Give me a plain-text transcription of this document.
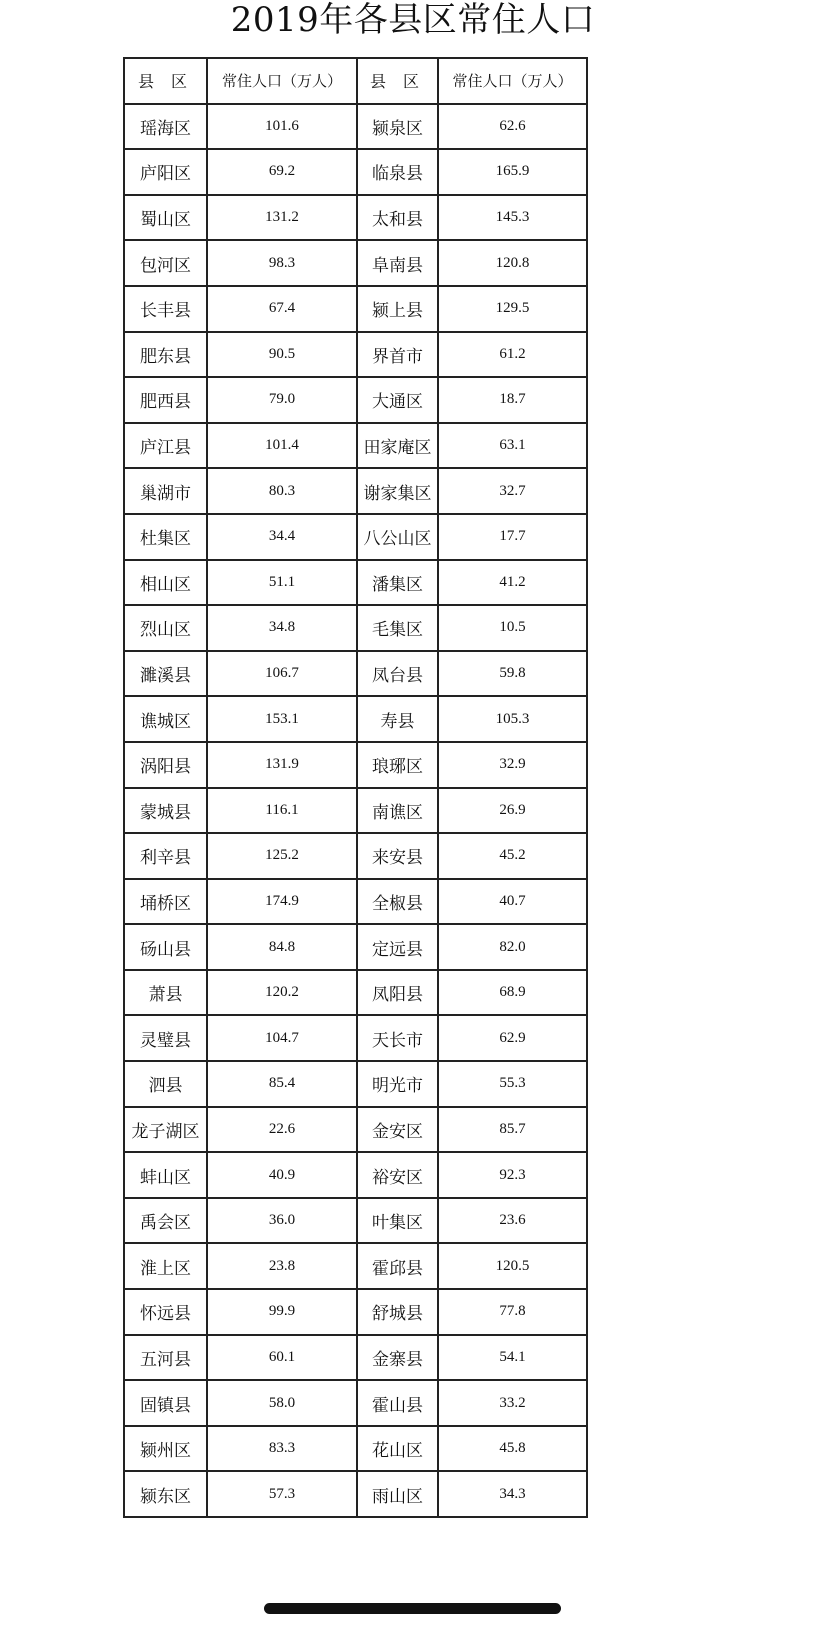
2019年各县区常住人口
县 区	常住人口（万人）	县 区	常住人口（万人）
瑶海区	101.6	颍泉区	62.6
庐阳区	69.2	临泉县	165.9
蜀山区	131.2	太和县	145.3
包河区	98.3	阜南县	120.8
长丰县	67.4	颍上县	129.5
肥东县	90.5	界首市	61.2
肥西县	79.0	大通区	18.7
庐江县	101.4	田家庵区	63.1
巢湖市	80.3	谢家集区	32.7
杜集区	34.4	八公山区	17.7
相山区	51.1	潘集区	41.2
烈山区	34.8	毛集区	10.5
濉溪县	106.7	凤台县	59.8
谯城区	153.1	寿县	105.3
涡阳县	131.9	琅琊区	32.9
蒙城县	116.1	南谯区	26.9
利辛县	125.2	来安县	45.2
埇桥区	174.9	全椒县	40.7
砀山县	84.8	定远县	82.0
萧县	120.2	凤阳县	68.9
灵璧县	104.7	天长市	62.9
泗县	85.4	明光市	55.3
龙子湖区	22.6	金安区	85.7
蚌山区	40.9	裕安区	92.3
禹会区	36.0	叶集区	23.6
淮上区	23.8	霍邱县	120.5
怀远县	99.9	舒城县	77.8
五河县	60.1	金寨县	54.1
固镇县	58.0	霍山县	33.2
颍州区	83.3	花山区	45.8
颍东区	57.3	雨山区	34.3
